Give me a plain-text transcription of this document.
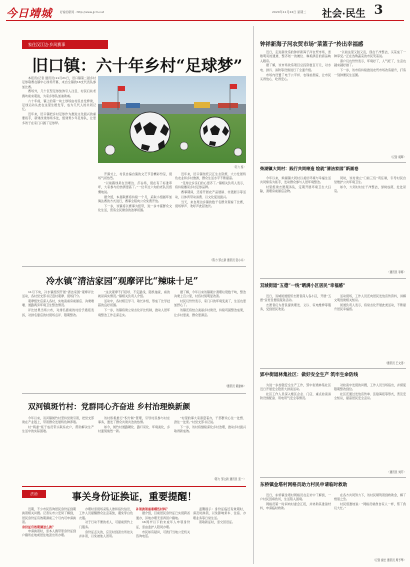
今日靖城	好看的新闻 · http://www.jjcm.net	2020年11月24日 星期二 社会·民生 3
家住汉江边·乡风赛事
旧口镇：六十年乡村“足球梦”

本报讯(记者 通讯员)11月21日，旧口镇第二届乡村足球联赛在镇中心球场开幕，来自全镇的16支代表队参加比赛。

赛场外，几个巨型足球装饰引人注目，村民们扶老携幼前来观战，为家乡球队加油助威。

六十年前，镇上的第一块土球场由村民自发修建，足球运动从此在这里生根发芽，成为几代人的共同记忆。

近年来，旧口镇把乡村足球作为推进文化振兴的重要抓手，新建改建球场多处，组建青少年足球队，让更多孩子在家门口圆了足球梦。

（陈力 摄）

开幕式上，村民自编自演的文艺节目精彩纷呈，现场气氛热烈。

“以前踢球是在田埂边、打谷场，现在有了标准草坪，大家参与的热情更高了。”一位年过六旬的老队员感慨地说。

据介绍，本届联赛将持续一个月，采取小组循环加淘汰赛的方式进行，赛事全程向公众免费开放。

下一步，该镇将以赛事为纽带，进一步丰富群众文化生活，营造全民健身的浓厚氛围。

近年来，旧口镇依托汉江生态资源，大力发展特色农业和乡村旅游，群众生活水平不断提高。

“足球让乡亲们的心更齐了。”镇相关负责人表示，将持续擦亮乡村足球品牌。

赛事期间，还将开展农产品展销、非遗展示等活动，以体育带动消费、以文化促进振兴。

当天，来自周边乡镇的数千名群众观看了比赛，现场掌声、欢呼声此起彼伏。

（陈力 邹立新 通讯员 张小兵）
冷水镇“清洁家园”观摩评比“辣味十足”

11月下旬，冷水镇组织开展“清洁家园”观摩评比活动，各村党支部书记逐村观摩、现场打分。

观摩组先后深入各村，实地查看房前屋后、沟渠塘堰、道路两旁环境卫生整治情况。

评比结果当场公布，对排名靠前的村给予通报表扬，对排名靠后的村现场点评、限期整改。

“这次观摩不打招呼、不定路线，随机抽查，看的就是真实情况。”镇相关负责人介绍。

活动中，各村相互学习、取长补短，形成了比学赶超的良好氛围。

下一步，该镇将建立常态化评比机制，推动人居环境整治工作走深走实。

据了解，今年以来该镇累计清理垃圾数千吨，整治沟渠上百公里，村容村貌明显改善。

村民们纷纷表示，家门口的环境变美了，生活也更加舒心了。

该镇还将结合美丽乡村建设，持续巩固整治成果，让乡村更美、群众更满意。

（通讯员 黄建林）
双河镇斑竹村：党群同心齐奋进 乡村治理焕新颜

今年以来，双河镇斑竹村坚持党建引领，把党支部建在产业链上，带领群众发展特色种养殖。

村“两委”班子成员带头联系农户，帮助解决生产生活中的实际困难。

该村积极推行“积分制”管理，引导村民参与村庄事务，激发了群众共建共治的热情。

如今，斑竹村道路硬化、路灯亮化、环境美化，乡村面貌焕然一新。

“村里的事大家商量着办，干部群众心往一处想、劲往一处使。”村党支部书记说。

下一步，该村将继续深化乡村治理，推动乡村振兴取得新成效。

（陈力 邹立新 通讯员 张一）
法治	事关身份证换证，重要提醒！

近期，不少市民咨询居民身份证到期换领相关问题。记者从市公安局了解到，居民身份证有效期满前三个月内可申请换领。

身份证有效期满怎么换？

申请换领时，需本人携带原身份证到户籍所在地或居住地派出所办理。

办理时需现场采集人像和指纹信息，工作人员提醒群众注意着装，避免穿白色衣服。

对于行动不便的老人，可提前预约上门服务。

身份证丢失的，应及时到派出所挂失并补领，以免被他人冒用。

补领换领需要哪些材料？

据介绍，目前居民身份证已实现跨省通办，异地办理无需再回户籍地。

16周岁以下的未成年人申领身份证，需由监护人陪同办理。

市民如有疑问，可拨打当地公安机关咨询电话。

温馨提示：身份证临近有效期时，请及时换领，以免影响乘车、住宿、办理业务等日常生活。

领取新证时，需交回旧证。

钟祥新海子河农贸市场“菜篮子”拎出幸福感

近日，走进新改造的钟祥新海子河农贸市场，宽敞明亮的通道、整齐划一的摊位、琳琅满目的商品映入眼帘。

据了解，该市场改造项目总投资数百万元，对水电、排污、消防等设施进行了全面升级。

市场内设置了电子公平秤、农残检测室，让市民买得放心、吃得安心。

“以前这里又脏又乱，现在干净整洁，买菜成了一种享受。”正在选购蔬菜的市民笑着说。

商户们也纷纷表示，环境好了，人气旺了，生意也越来越好做了。

下一步，该市将持续推进农贸市场改造提升，打造一刻钟便民生活圈。

（记者 胡辉）
柴湖镇大同村：践行共同缔造 绘就“清洁家园”新画卷

今年以来，柴湖镇大同村以美好环境与幸福生活共同缔造为抓手，发动群众参与人居环境整治。

村里组建志愿服务队，定期开展环境卫生大扫除，清理房前屋后杂物。

同时，该村建立“门前三包”责任制，引导村民自觉维护公共环境卫生。

如今，大同村村庄干净整洁，绿树成荫，处处是景。

（通讯员 李婷）
双城街道“五德”一线“晒满小区居民“幸福感”

近日，双城街道组织志愿者深入各小区，开展“五德”宣传及便民服务活动。

志愿者们为居民提供理发、义诊、家电维修等服务，受到居民欢迎。

活动现场，工作人员还向居民发放宣传资料，讲解文明创建相关知识。

街道负责人表示，将常态化开展此类活动，不断提升居民幸福感。

（通讯员 王文涛）
郢中街道林集社区：做好安全生产 筑牢生命防线

为进一步加强安全生产工作，郢中街道林集社区近日开展安全隐患大排查活动。

社区工作人员深入辖区企业、门店，重点检查消防设施配备、用电用气安全等情况。

对检查中发现的问题，工作人员当场指出，并督促限期整改到位。

社区还通过发放宣传单、张贴海报等形式，普及安全知识，提高居民安全意识。

（通讯员 刘芳）
东桥镇金塔村网格员助力村民申请临时救助

近日，东桥镇金塔村网格员在走访中了解到，一户村民因病致贫，生活陷入困境。

网格员第一时间向村委会汇报，并协助其准备材料，申请临时救助。

在各方共同努力下，该村民顺利领到救助金，解了燃眉之急。

村民感激地说：“网格员就像自家人一样，帮了我们大忙。”

（记者 谢长 通讯员 周予琴）
